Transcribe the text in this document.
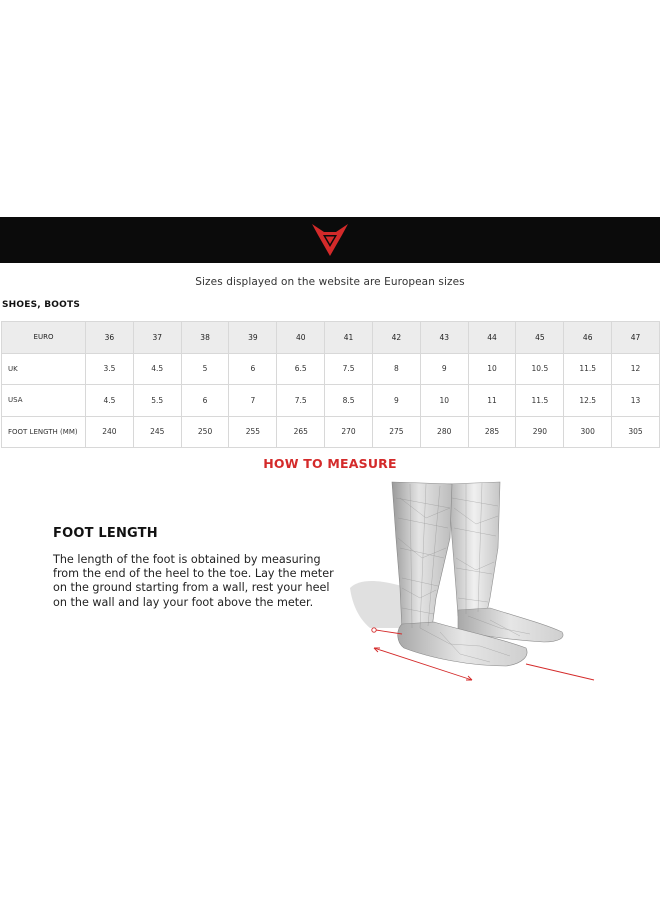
Sizes displayed on the website are European sizes
SHOES, BOOTS
EURO	36	37	38	39	40	41	42	43	44	45	46	47
UK	3.5	4.5	5	6	6.5	7.5	8	9	10	10.5	11.5	12
USA	4.5	5.5	6	7	7.5	8.5	9	10	11	11.5	12.5	13
FOOT LENGTH (MM)	240	245	250	255	265	270	275	280	285	290	300	305
HOW TO MEASURE
FOOT LENGTH
The length of the foot is obtained by measuring from the end of the heel to the toe. Lay the meter on the ground starting from a wall, rest your heel on the wall and lay your foot above the meter.
